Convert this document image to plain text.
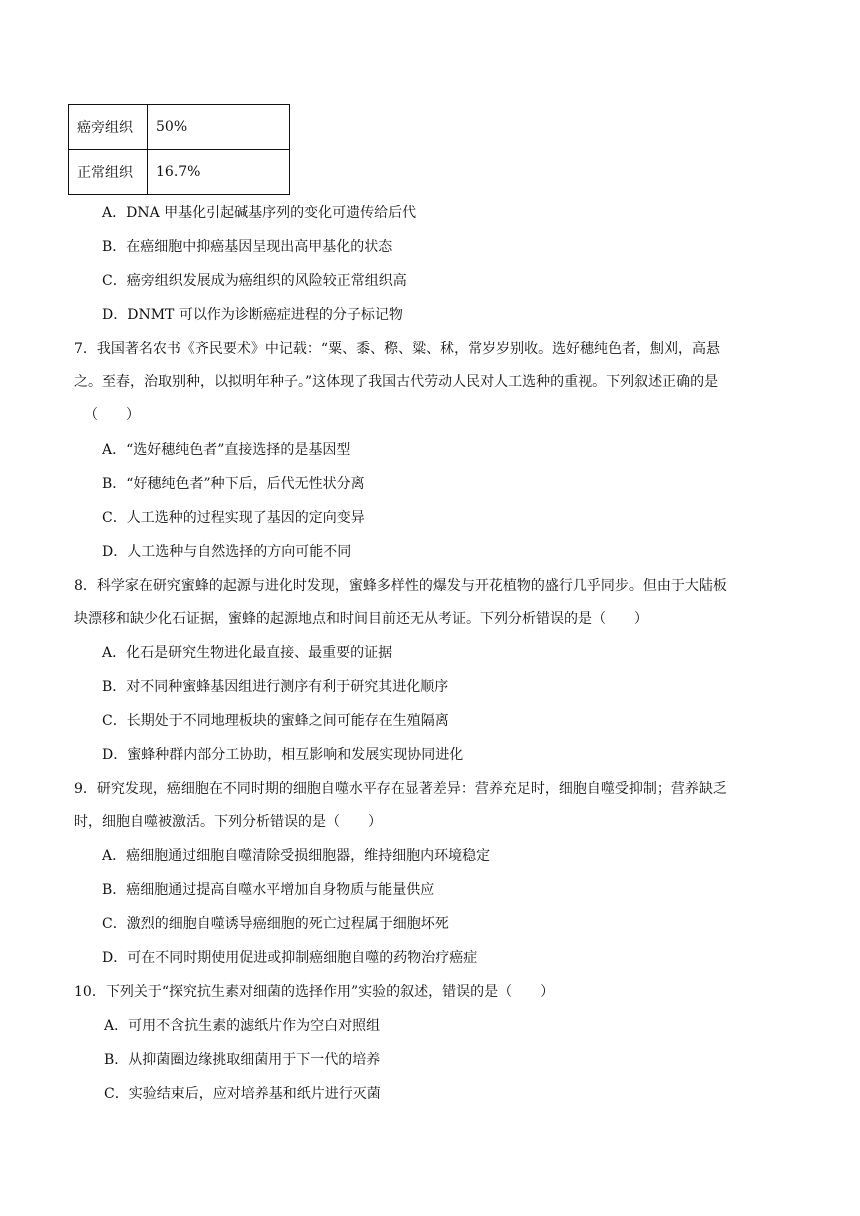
癌旁组织	50%
正常组织	16.7%
A．DNA 甲基化引起碱基序列的变化可遗传给后代
B．在癌细胞中抑癌基因呈现出高甲基化的状态
C．癌旁组织发展成为癌组织的风险较正常组织高
D．DNMT 可以作为诊断癌症进程的分子标记物
7．我国著名农书《齐民要术》中记载：“粟、黍、穄、粱、秫，常岁岁别收。选好穗纯色者，劁刈，高悬
之。至春，治取别种，以拟明年种子。”这体现了我国古代劳动人民对人工选种的重视。下列叙述正确的是
（　　）
A．“选好穗纯色者”直接选择的是基因型
B．“好穗纯色者”种下后，后代无性状分离
C．人工选种的过程实现了基因的定向变异
D．人工选种与自然选择的方向可能不同
8．科学家在研究蜜蜂的起源与进化时发现，蜜蜂多样性的爆发与开花植物的盛行几乎同步。但由于大陆板
块漂移和缺少化石证据，蜜蜂的起源地点和时间目前还无从考证。下列分析错误的是（　　）
A．化石是研究生物进化最直接、最重要的证据
B．对不同种蜜蜂基因组进行测序有利于研究其进化顺序
C．长期处于不同地理板块的蜜蜂之间可能存在生殖隔离
D．蜜蜂种群内部分工协助，相互影响和发展实现协同进化
9．研究发现，癌细胞在不同时期的细胞自噬水平存在显著差异：营养充足时，细胞自噬受抑制；营养缺乏
时，细胞自噬被激活。下列分析错误的是（　　）
A．癌细胞通过细胞自噬清除受损细胞器，维持细胞内环境稳定
B．癌细胞通过提高自噬水平增加自身物质与能量供应
C．激烈的细胞自噬诱导癌细胞的死亡过程属于细胞坏死
D．可在不同时期使用促进或抑制癌细胞自噬的药物治疗癌症
10．下列关于“探究抗生素对细菌的选择作用”实验的叙述，错误的是（　　）
A．可用不含抗生素的滤纸片作为空白对照组
B．从抑菌圈边缘挑取细菌用于下一代的培养
C．实验结束后，应对培养基和纸片进行灭菌
